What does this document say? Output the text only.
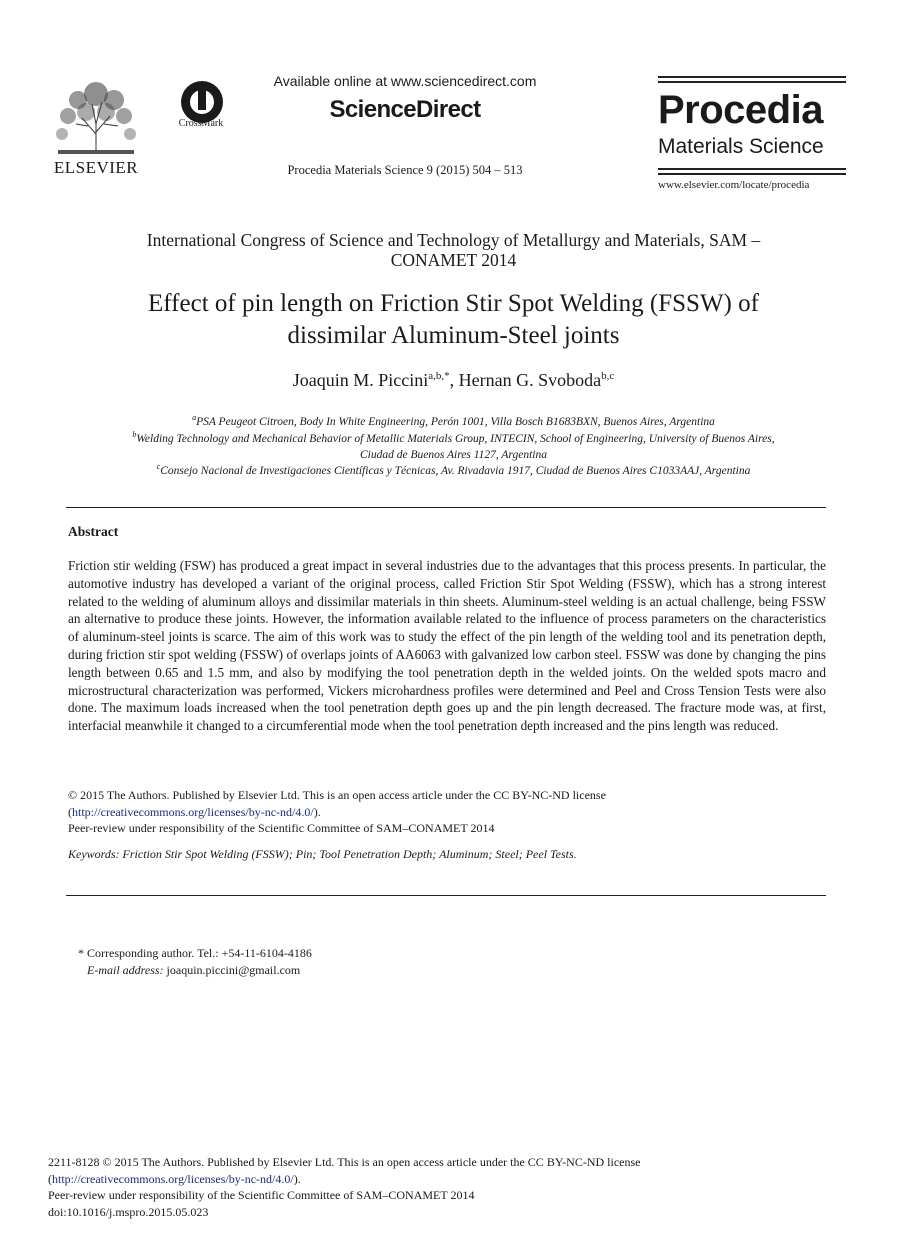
ELSEVIER
CrossMark
Available online at www.sciencedirect.com
ScienceDirect
Procedia Materials Science 9 (2015) 504 – 513
Procedia
Materials Science
www.elsevier.com/locate/procedia
International Congress of Science and Technology of Metallurgy and Materials, SAM –
CONAMET 2014
Effect of pin length on Friction Stir Spot Welding (FSSW) of
dissimilar Aluminum-Steel joints
Joaquin M. Piccini$^{a,b,*}$, Hernan G. Svoboda$^{b,c}$
$^a$PSA Peugeot Citroen, Body In White Engineering, Perón 1001, Villa Bosch B1683BXN, Buenos Aires, Argentina
$^b$Welding Technology and Mechanical Behavior of Metallic Materials Group, INTECIN, School of Engineering, University of Buenos Aires,
Ciudad de Buenos Aires 1127, Argentina
$^c$Consejo Nacional de Investigaciones Científicas y Técnicas, Av. Rivadavia 1917, Ciudad de Buenos Aires C1033AAJ, Argentina
Abstract
Friction stir welding (FSW) has produced a great impact in several industries due to the advantages that this process presents. In particular, the automotive industry has developed a variant of the original process, called Friction Stir Spot Welding (FSSW), which has a strong interest related to the welding of aluminum alloys and dissimilar materials in thin sheets. Aluminum-steel welding is an actual challenge, being FSSW an alternative to produce these joints. However, the information available related to the influence of process parameters on the characteristics of aluminum-steel joints is scarce. The aim of this work was to study the effect of the pin length of the welding tool and its penetration depth, during friction stir spot welding (FSSW) of overlaps joints of AA6063 with galvanized low carbon steel. FSSW was done by changing the pins length between 0.65 and 1.5 mm, and also by modifying the tool penetration depth in the welded joints. On the welded spots macro and microstructural characterization was performed, Vickers microhardness profiles were determined and Peel and Cross Tension Tests were also done. The maximum loads increased when the tool penetration depth goes up and the pin length decreased. The fracture mode was, at first, interfacial meanwhile it changed to a circumferential mode when the tool penetration depth increased and the pins length was reduced.
© 2015 The Authors. Published by Elsevier Ltd. This is an open access article under the CC BY-NC-ND license
(http://creativecommons.org/licenses/by-nc-nd/4.0/).
Peer-review under responsibility of the Scientific Committee of SAM–CONAMET 2014
Keywords: Friction Stir Spot Welding (FSSW); Pin; Tool Penetration Depth; Aluminum; Steel; Peel Tests.
* Corresponding author. Tel.: +54-11-6104-4186
E-mail address: joaquin.piccini@gmail.com
2211-8128 © 2015 The Authors. Published by Elsevier Ltd. This is an open access article under the CC BY-NC-ND license
(http://creativecommons.org/licenses/by-nc-nd/4.0/).
Peer-review under responsibility of the Scientific Committee of SAM–CONAMET 2014
doi:10.1016/j.mspro.2015.05.023
